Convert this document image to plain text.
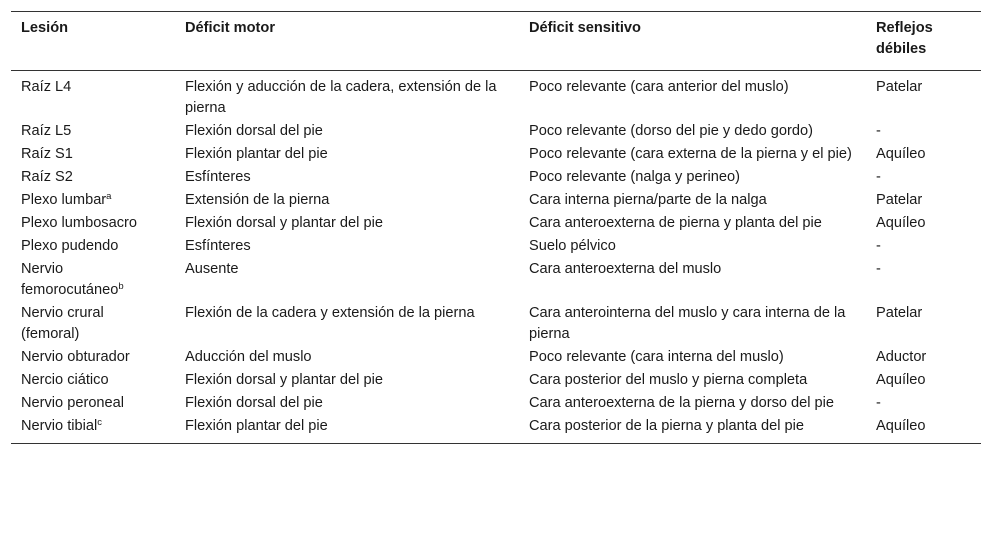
Lesión	Déficit motor	Déficit sensitivo	Reflejos débiles
Raíz L4	Flexión y aducción de la cadera, extensión de la pierna	Poco relevante (cara anterior del muslo)	Patelar
Raíz L5	Flexión dorsal del pie	Poco relevante (dorso del pie y dedo gordo)	-
Raíz S1	Flexión plantar del pie	Poco relevante (cara externa de la pierna y el pie)	Aquíleo
Raíz S2	Esfínteres	Poco relevante (nalga y perineo)	-
Plexo lumbar$^a$	Extensión de la pierna	Cara interna pierna/parte de la nalga	Patelar
Plexo lumbosacro	Flexión dorsal y plantar del pie	Cara anteroexterna de pierna y planta del pie	Aquíleo
Plexo pudendo	Esfínteres	Suelo pélvico	-
Nervio femorocutáneo$^b$	Ausente	Cara anteroexterna del muslo	-
Nervio crural (femoral)	Flexión de la cadera y extensión de la pierna	Cara anterointerna del muslo y cara interna de la pierna	Patelar
Nervio obturador	Aducción del muslo	Poco relevante (cara interna del muslo)	Aductor
Nercio ciático	Flexión dorsal y plantar del pie	Cara posterior del muslo y pierna completa	Aquíleo
Nervio peroneal	Flexión dorsal del pie	Cara anteroexterna de la pierna y dorso del pie	-
Nervio tibial$^c$	Flexión plantar del pie	Cara posterior de la pierna y planta del pie	Aquíleo
